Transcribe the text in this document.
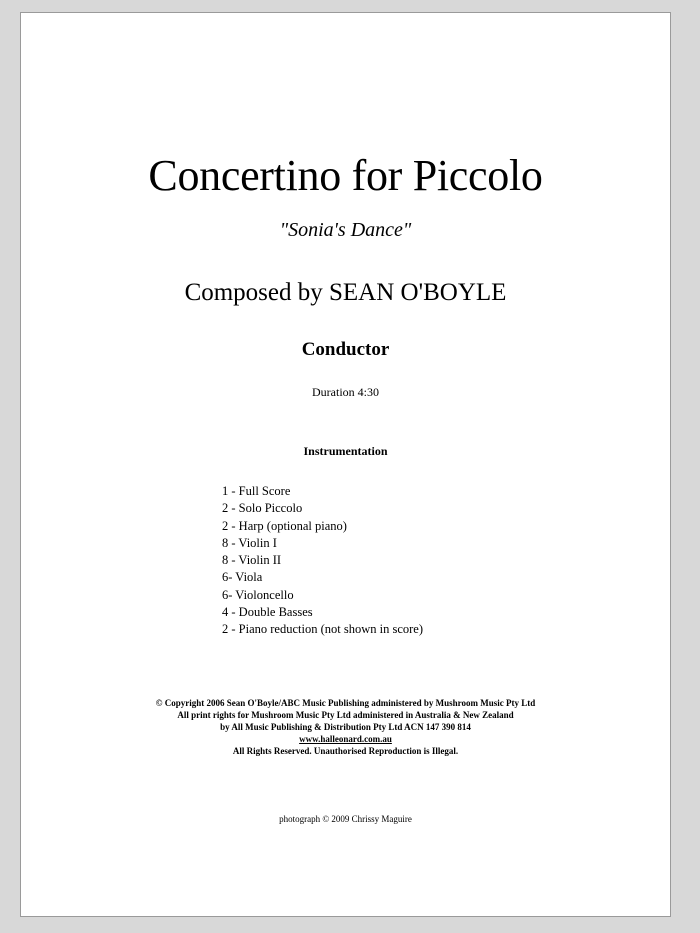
Concertino for Piccolo
"Sonia's Dance"
Composed by SEAN O'BOYLE
Conductor
Duration 4:30
Instrumentation
1 - Full Score
2 - Solo Piccolo
2 - Harp (optional piano)
8 - Violin I
8 - Violin II
6- Viola
6- Violoncello
4 - Double Basses
2 - Piano reduction (not shown in score)
© Copyright 2006 Sean O'Boyle/ABC Music Publishing administered by Mushroom Music Pty Ltd
All print rights for Mushroom Music Pty Ltd administered in Australia & New Zealand
by All Music Publishing & Distribution Pty Ltd ACN 147 390 814
www.halleonard.com.au
All Rights Reserved. Unauthorised Reproduction is Illegal.
photograph © 2009 Chrissy Maguire
